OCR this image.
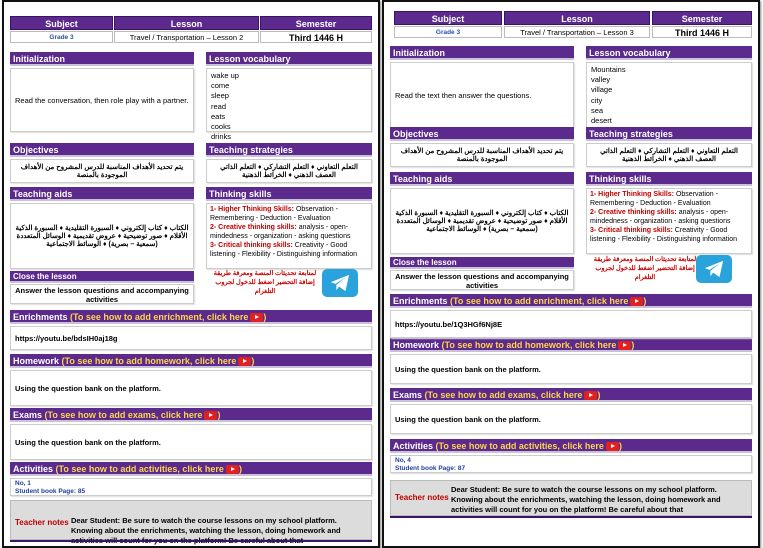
Subject	Lesson	Semester
Grade 3	Travel / Transportation – Lesson 2	Third 1446 H
Initialization
Read the conversation, then role play with a partner.
Lesson vocabulary
wake up
come
sleep
read
eats
cooks
drinks
Objectives
يتم تحديد الأهداف المناسبة للدرس المشروح من الأهداف الموجودة بالمنصة
Teaching strategies
التعلم التعاوني ♦ التعلم التشاركي ♦ التعلم الذاتي العصف الذهني ♦ الخرائط الذهنية
Teaching aids
الكتاب ♦ كتاب إلكتروني ♦ السبورة التقليدية ♦ السبورة الذكية الأقلام ♦ صور توضيحية ♦ عروض تقديمية ♦ الوسائل المتعددة (سمعية – بصرية) ♦ الوسائط الاجتماعية
Thinking skills
1- Higher Thinking Skills: Observation - Remembering - Deduction - Evaluation
2- Creative thinking skills: analysis - open-mindedness - organization - asking questions
3- Critical thinking skills: Creativity - Good listening - Flexibility - Distinguishing information
Close the lesson
Answer the lesson questions and accompanying activities
لمتابعة تحديثات المنصة ومعرفة طريقة إضافة التحضير اضغط للدخول لجروب التلغرام
Enrichments (To see how to add enrichment, click here )
Homework (To see how to add homework, click here )
Exams (To see how to add exams, click here )
Activities (To see how to add activities, click here )
https://youtu.be/bdsIH0aj18g
Using the question bank on the platform.
Using the question bank on the platform.
No, 1
Student book Page: 85
Teacher notes Dear Student: Be sure to watch the course lessons on my school platform. Knowing about the enrichments, watching the lesson, doing homework and
Subject	Lesson	Semester
Grade 3	Travel / Transportation – Lesson 3	Third 1446 H
Initialization
Read the text then answer the questions.
Lesson vocabulary
Mountains
valley
village
city
sea
desert
Objectives
يتم تحديد الأهداف المناسبة للدرس المشروح من الأهداف الموجودة بالمنصة
Teaching strategies
التعلم التعاوني ♦ التعلم التشاركي ♦ التعلم الذاتي العصف الذهني ♦ الخرائط الذهنية
Teaching aids
الكتاب ♦ كتاب إلكتروني ♦ السبورة التقليدية ♦ السبورة الذكية الأقلام ♦ صور توضيحية ♦ عروض تقديمية ♦ الوسائل المتعددة (سمعية – بصرية) ♦ الوسائط الاجتماعية
Thinking skills
1- Higher Thinking Skills: Observation - Remembering - Deduction - Evaluation
2- Creative thinking skills: analysis - open-mindedness - organization - asking questions
3- Critical thinking skills: Creativity - Good listening - Flexibility - Distinguishing information
Close the lesson
Answer the lesson questions and accompanying activities
لمتابعة تحديثات المنصة ومعرفة طريقة إضافة التحضير اضغط للدخول لجروب التلغرام
Enrichments (To see how to add enrichment, click here )
Homework (To see how to add homework, click here )
Exams (To see how to add exams, click here )
Activities (To see how to add activities, click here )
https://youtu.be/1Q3HGf6Nj8E
Using the question bank on the platform.
Using the question bank on the platform.
No, 4
Student book Page: 87
Teacher notes
Dear Student: Be sure to watch the course lessons on my school platform. Knowing about the enrichments, watching the lesson, doing homework and activities will count for you on the platform! Be careful about that
